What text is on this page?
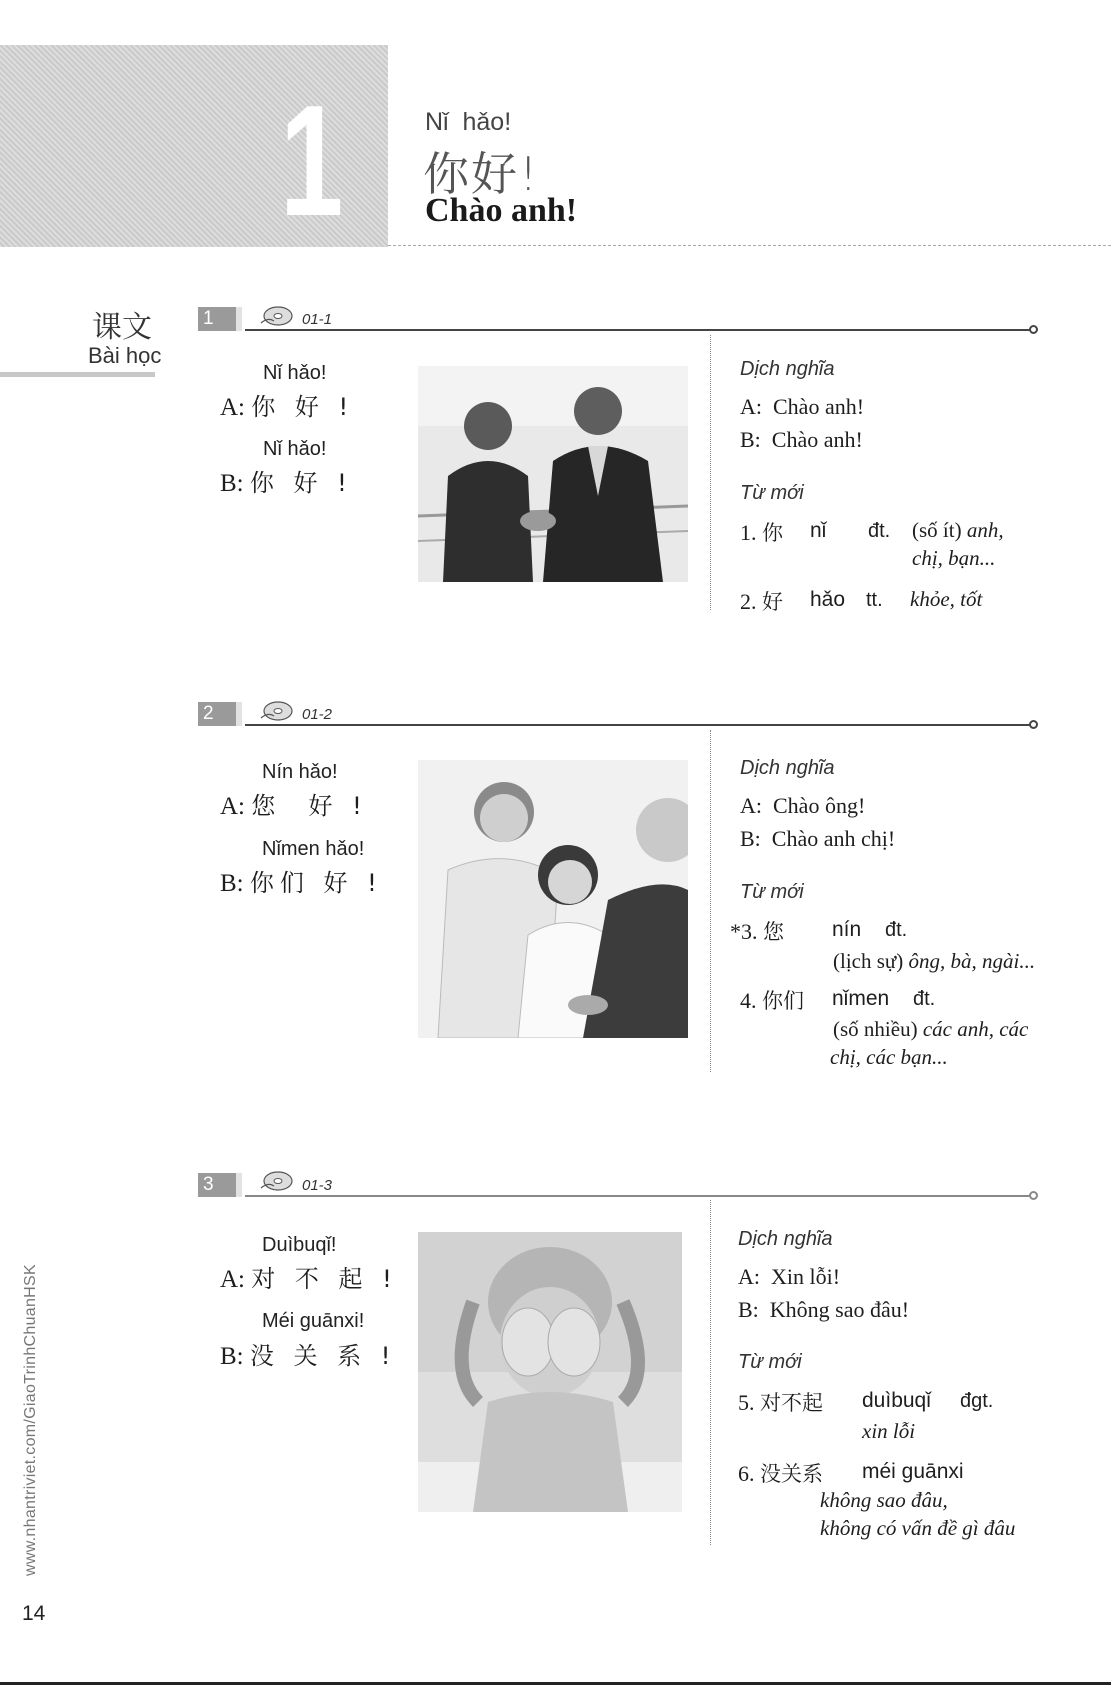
1	Nǐ  hǎo!
你好!
Chào anh!
课文
Bài học
1	01-1
Nǐ hǎo!
A: 你 好 !
Nǐ hǎo!
B: 你 好 !
Dịch nghĩa
A:  Chào anh!
B:  Chào anh!
Từ mới
1. 你 nǐ đt. (số ít) anh,
chị, bạn...
2. 好 hǎo tt. khỏe, tốt
2	01-2
Nín hǎo!
A: 您  好 !
Nǐmen hǎo!
B: 你们 好 !
Dịch nghĩa
A:  Chào ông!
B:  Chào anh chị!
Từ mới
*3. 您 nín đt.
(lịch sự) ông, bà, ngài...
4. 你们 nǐmen đt.
(số nhiều) các anh, các
chị, các bạn...
3	01-3
Duìbuqǐ!
A: 对 不 起 !
Méi guānxi!
B: 没 关 系 !
Dịch nghĩa
A:  Xin lỗi!
B:  Không sao đâu!
Từ mới
5. 对不起 duìbuqǐ đgt.
xin lỗi
6. 没关系 méi guānxi
không sao đâu,
không có vấn đề gì đâu
www.nhantriviet.com/GiaoTrinhChuanHSK
14
